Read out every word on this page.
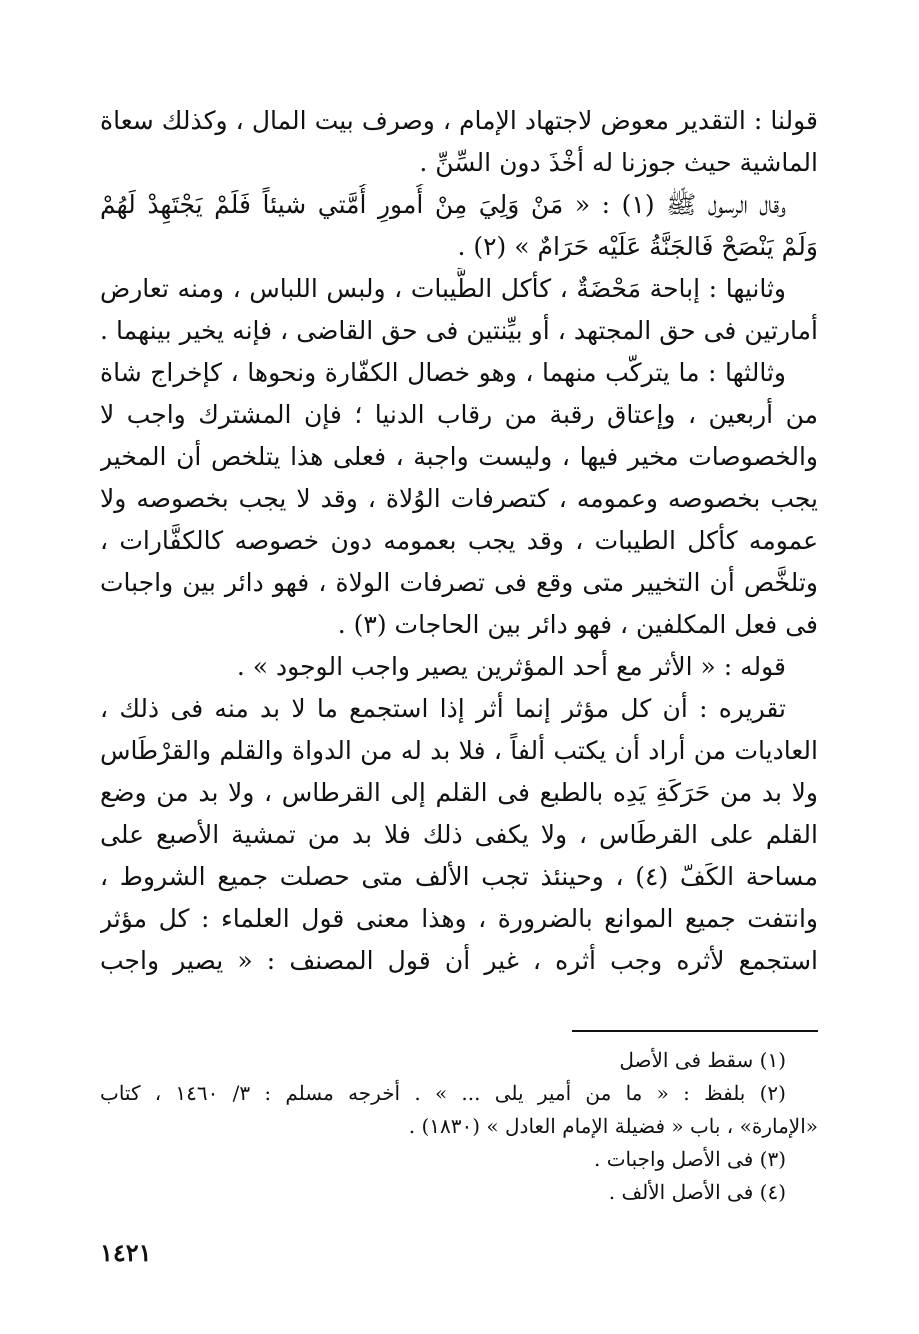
قولنا : التقدير معوض لاجتهاد الإمام ، وصرف بيت المال ، وكذلك سعاة
الماشية حيث جوزنا له أخْذَ دون السِّنِّ .
وقال الرسول ﷺ (١) : « مَنْ وَلِيَ مِنْ أُمورِ أُمَّتي شيئاً فَلَمْ يَجْتَهِدْ لَهُمْ
وَلَمْ يَنْصَحْ فَالجَنَّةُ عَلَيْه حَرَامٌ » (٢) .
وثانيها : إباحة مَحْضَةٌ ، كأكل الطَّيبات ، ولبس اللباس ، ومنه تعارض
أمارتين فى حق المجتهد ، أو بيِّنتين فى حق القاضى ، فإنه يخير بينهما .
وثالثها : ما يتركّب منهما ، وهو خصال الكفّارة ونحوها ، كإخراج شاة
من أربعين ، وإعتاق رقبة من رقاب الدنيا ؛ فإن المشترك واجب لا
والخصوصات مخير فيها ، وليست واجبة ، فعلى هذا يتلخص أن المخير
يجب بخصوصه وعمومه ، كتصرفات الوُلاة ، وقد لا يجب بخصوصه ولا
عمومه كأكل الطيبات ، وقد يجب بعمومه دون خصوصه كالكفَّارات ،
وتلخَّص أن التخيير متى وقع فى تصرفات الولاة ، فهو دائر بين واجبات
فى فعل المكلفين ، فهو دائر بين الحاجات (٣) .
قوله : « الأثر مع أحد المؤثرين يصير واجب الوجود » .
تقريره : أن كل مؤثر إنما أثر إذا استجمع ما لا بد منه فى ذلك ،
العاديات من أراد أن يكتب ألفاً ، فلا بد له من الدواة والقلم والقرْطَاس
ولا بد من حَرَكَةِ يَدِه بالطبع فى القلم إلى القرطاس ، ولا بد من وضع
القلم على القرطَاس ، ولا يكفى ذلك فلا بد من تمشية الأصبع على
مساحة الكَفّ (٤) ، وحينئذ تجب الألف متى حصلت جميع الشروط ،
وانتفت جميع الموانع بالضرورة ، وهذا معنى قول العلماء : كل مؤثر
استجمع لأثره وجب أثره ، غير أن قول المصنف : « يصير واجب
(١) سقط فى الأصل
(٢) بلفظ : « ما من أمير يلى ... » . أخرجه مسلم : ٣/ ١٤٦٠ ، كتاب
«الإمارة» ، باب « فضيلة الإمام العادل » (١٨٣٠) .
(٣) فى الأصل واجبات .
(٤) فى الأصل الألف .
١٤٢١
